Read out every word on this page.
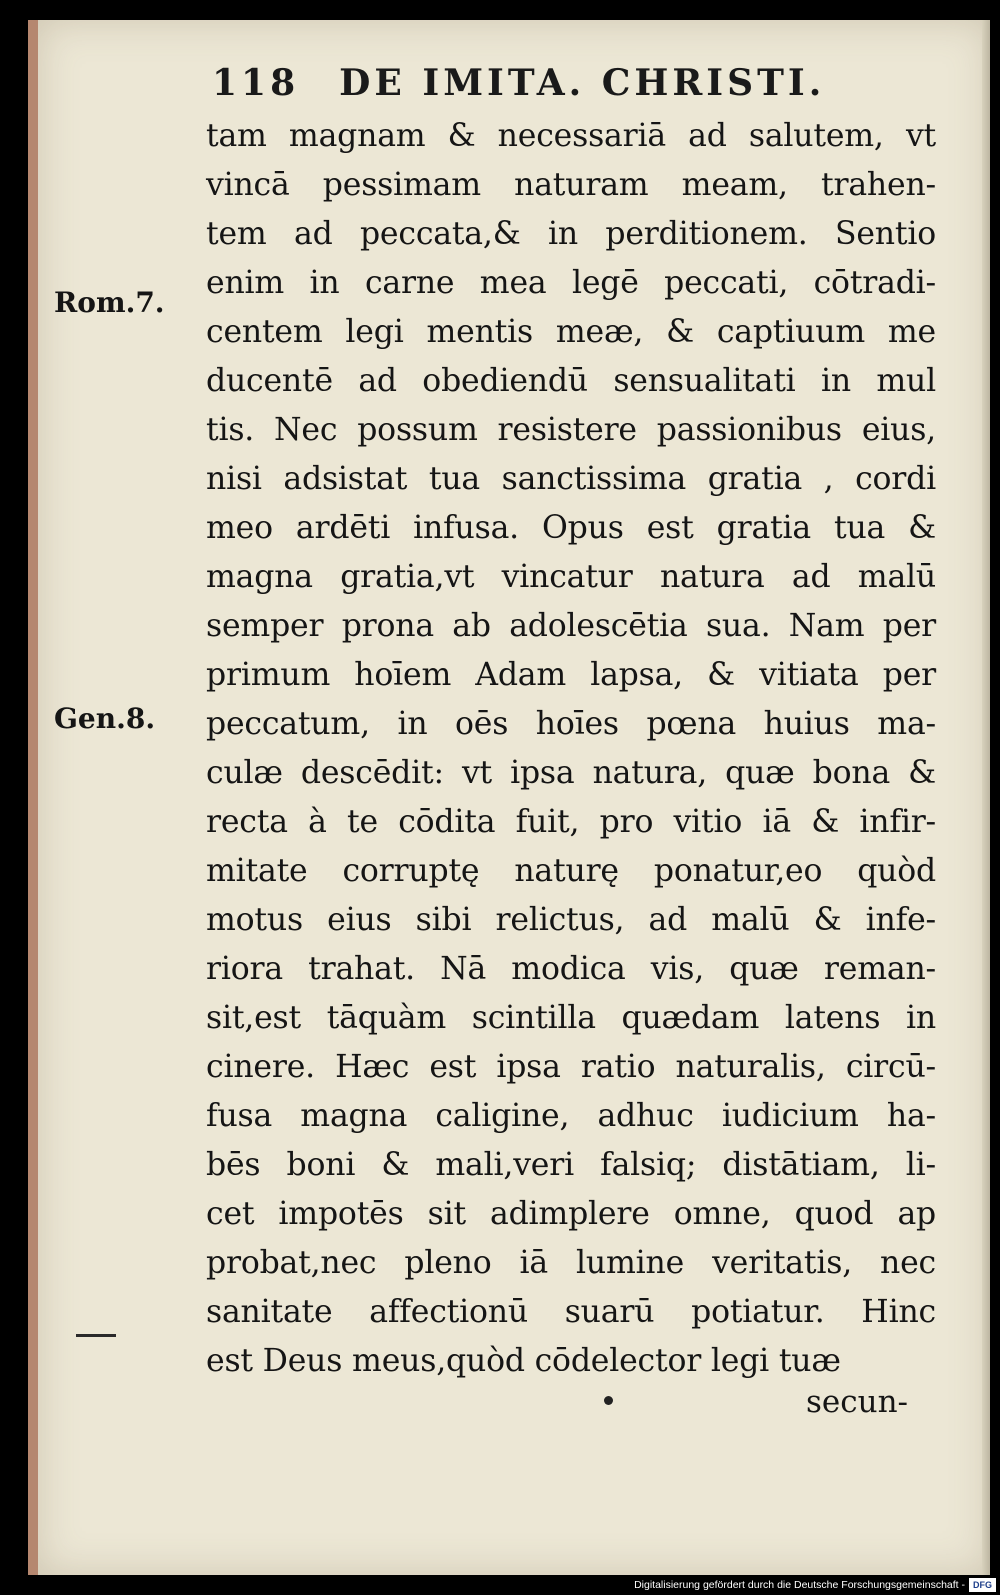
118 DE IMITA. CHRISTI.
Rom.7.
Gen.8.
tam magnam & necessariā ad salutem, vt
vincā pessimam naturam meam, trahen-
tem ad peccata,& in perditionem. Sentio
enim in carne mea legē peccati, cōtradi-
centem legi mentis meæ, & captiuum me
ducentē ad obediendū sensualitati in mul
tis. Nec possum resistere passionibus eius,
nisi adsistat tua sanctissima gratia , cordi
meo ardēti infusa. Opus est gratia tua &
magna gratia,vt vincatur natura ad malū
semper prona ab adolescētia sua. Nam per
primum hoīem Adam lapsa, & vitiata per
peccatum, in oēs hoīes pœna huius ma-
culæ descēdit: vt ipsa natura, quæ bona &
recta à te cōdita fuit, pro vitio iā & infir-
mitate corruptę naturę ponatur,eo quòd
motus eius sibi relictus, ad malū & infe-
riora trahat. Nā modica vis, quæ reman-
sit,est tāquàm scintilla quædam latens in
cinere. Hæc est ipsa ratio naturalis, circū-
fusa magna caligine, adhuc iudicium ha-
bēs boni & mali,veri falsiq; distātiam, li-
cet impotēs sit adimplere omne, quod ap
probat,nec pleno iā lumine veritatis, nec
sanitate affectionū suarū potiatur. Hinc
est Deus meus,quòd cōdelector legi tuæ
secun-
Digitalisierung gefördert durch die Deutsche Forschungsgemeinschaft - DFG
